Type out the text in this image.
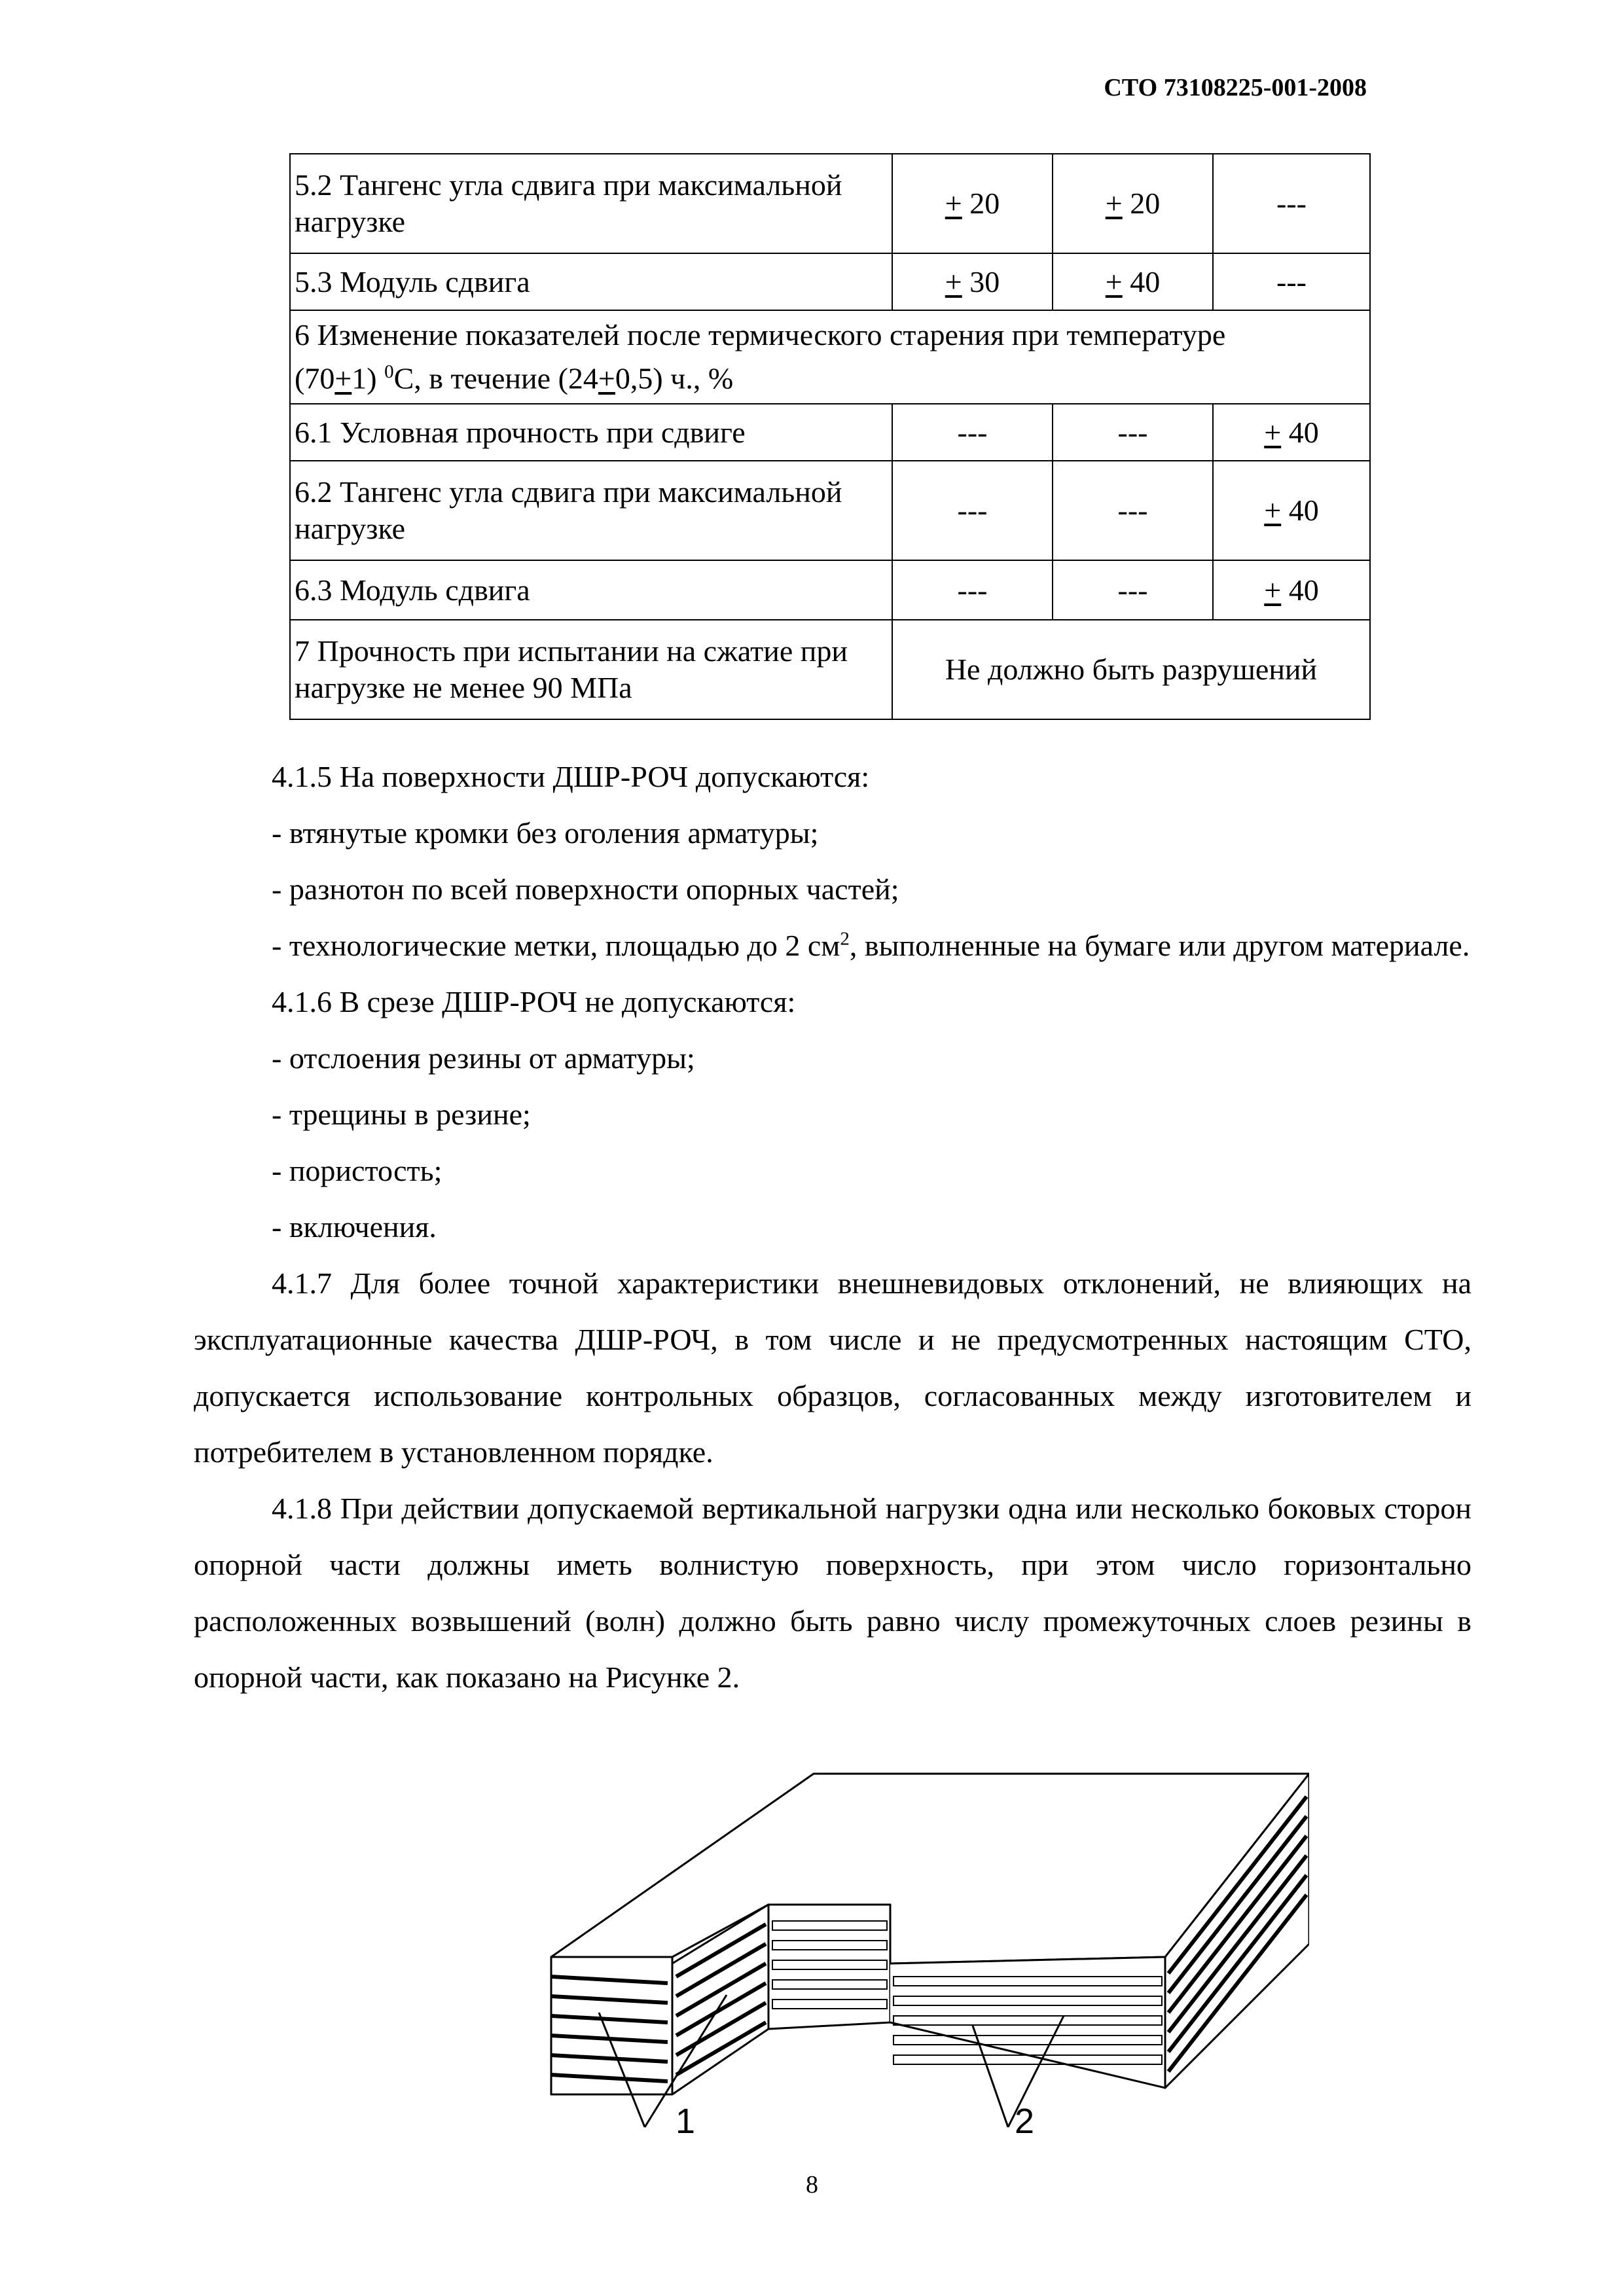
СТО 73108225-001-2008
5.2 Тангенс угла сдвига при максимальной нагрузке	+ 20	+ 20	---
5.3 Модуль сдвига	+ 30	+ 40	---
6 Изменение показателей после термического старения при температуре
(70+1) $^0$С, в течение (24+0,5) ч., %			
6.1 Условная прочность при сдвиге	---	---	+ 40
6.2 Тангенс угла сдвига при максимальной нагрузке	---	---	+ 40
6.3 Модуль сдвига	---	---	+ 40
7 Прочность при испытании на сжатие при нагрузке не менее 90 МПа	Не должно быть разрушений		

4.1.5 На поверхности ДШР-РОЧ допускаются:

- втянутые кромки без оголения арматуры;

- разнотон по всей поверхности опорных частей;

- технологические метки, площадью до 2 $см^2$, выполненные на бумаге или другом материале.

4.1.6 В срезе ДШР-РОЧ не допускаются:

- отслоения резины от арматуры;

- трещины в резине;

- пористость;

- включения.

4.1.7 Для более точной характеристики внешневидовых отклонений, не влияющих на эксплуатационные качества ДШР-РОЧ, в том числе и не предусмотренных настоящим СТО, допускается использование контрольных образцов, согласованных между изготовителем и потребителем в установленном порядке.

4.1.8 При действии допускаемой вертикальной нагрузки одна или несколько боковых сторон опорной части должны иметь волнистую поверхность, при этом число горизонтально расположенных возвышений (волн) должно быть равно числу промежуточных слоев резины в опорной части, как показано на Рисунке 2.

1	2
8
